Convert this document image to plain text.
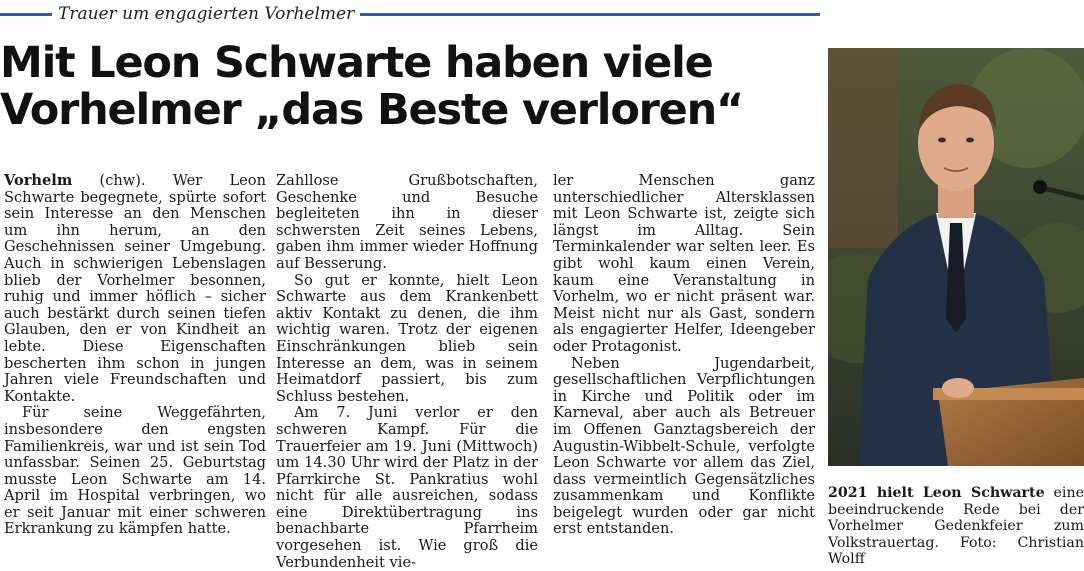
Trauer um engagierten Vorhelmer
Mit Leon Schwarte haben viele
Vorhelmer „das Beste verloren“

Vorhelm (chw). Wer Leon Schwarte begegnete, spürte sofort sein Interesse an den Menschen um ihn herum, an den Geschehnissen seiner Umgebung. Auch in schwierigen Lebenslagen blieb der Vorhelmer besonnen, ruhig und immer höflich – sicher auch bestärkt durch seinen tiefen Glauben, den er von Kindheit an lebte. Diese Eigenschaften bescherten ihm schon in jungen Jahren viele Freundschaften und Kontakte.

Für seine Weggefährten, insbesondere den engsten Familienkreis, war und ist sein Tod unfassbar. Seinen 25. Geburtstag musste Leon Schwarte am 14. April im Hospital verbringen, wo er seit Januar mit einer schweren Erkrankung zu kämpfen hatte.

Zahllose Grußbotschaften, Geschenke und Besuche begleiteten ihn in dieser schwersten Zeit seines Lebens, gaben ihm immer wieder Hoffnung auf Besserung.

So gut er konnte, hielt Leon Schwarte aus dem Krankenbett aktiv Kontakt zu denen, die ihm wichtig waren. Trotz der eigenen Einschränkungen blieb sein Interesse an dem, was in seinem Heimatdorf passiert, bis zum Schluss bestehen.

Am 7. Juni verlor er den schweren Kampf. Für die Trauerfeier am 19. Juni (Mittwoch) um 14.30 Uhr wird der Platz in der Pfarrkirche St. Pankratius wohl nicht für alle ausreichen, sodass eine Direktübertragung ins benachbarte Pfarrheim vorgesehen ist. Wie groß die Verbundenheit vie-

ler Menschen ganz unterschiedlicher Altersklassen mit Leon Schwarte ist, zeigte sich längst im Alltag. Sein Terminkalender war selten leer. Es gibt wohl kaum einen Verein, kaum eine Veranstaltung in Vorhelm, wo er nicht präsent war. Meist nicht nur als Gast, sondern als engagierter Helfer, Ideengeber oder Protagonist.

Neben Jugendarbeit, gesellschaftlichen Verpflichtungen in Kirche und Politik oder im Karneval, aber auch als Betreuer im Offenen Ganztagsbereich der Augustin-Wibbelt-Schule, verfolgte Leon Schwarte vor allem das Ziel, dass vermeintlich Gegensätzliches zusammenkam und Konflikte beigelegt wurden oder gar nicht erst entstanden.

2021 hielt Leon Schwarte eine beeindruckende Rede bei der Vorhelmer Gedenkfeier zum Volkstrauertag. Foto: Christian Wolff
